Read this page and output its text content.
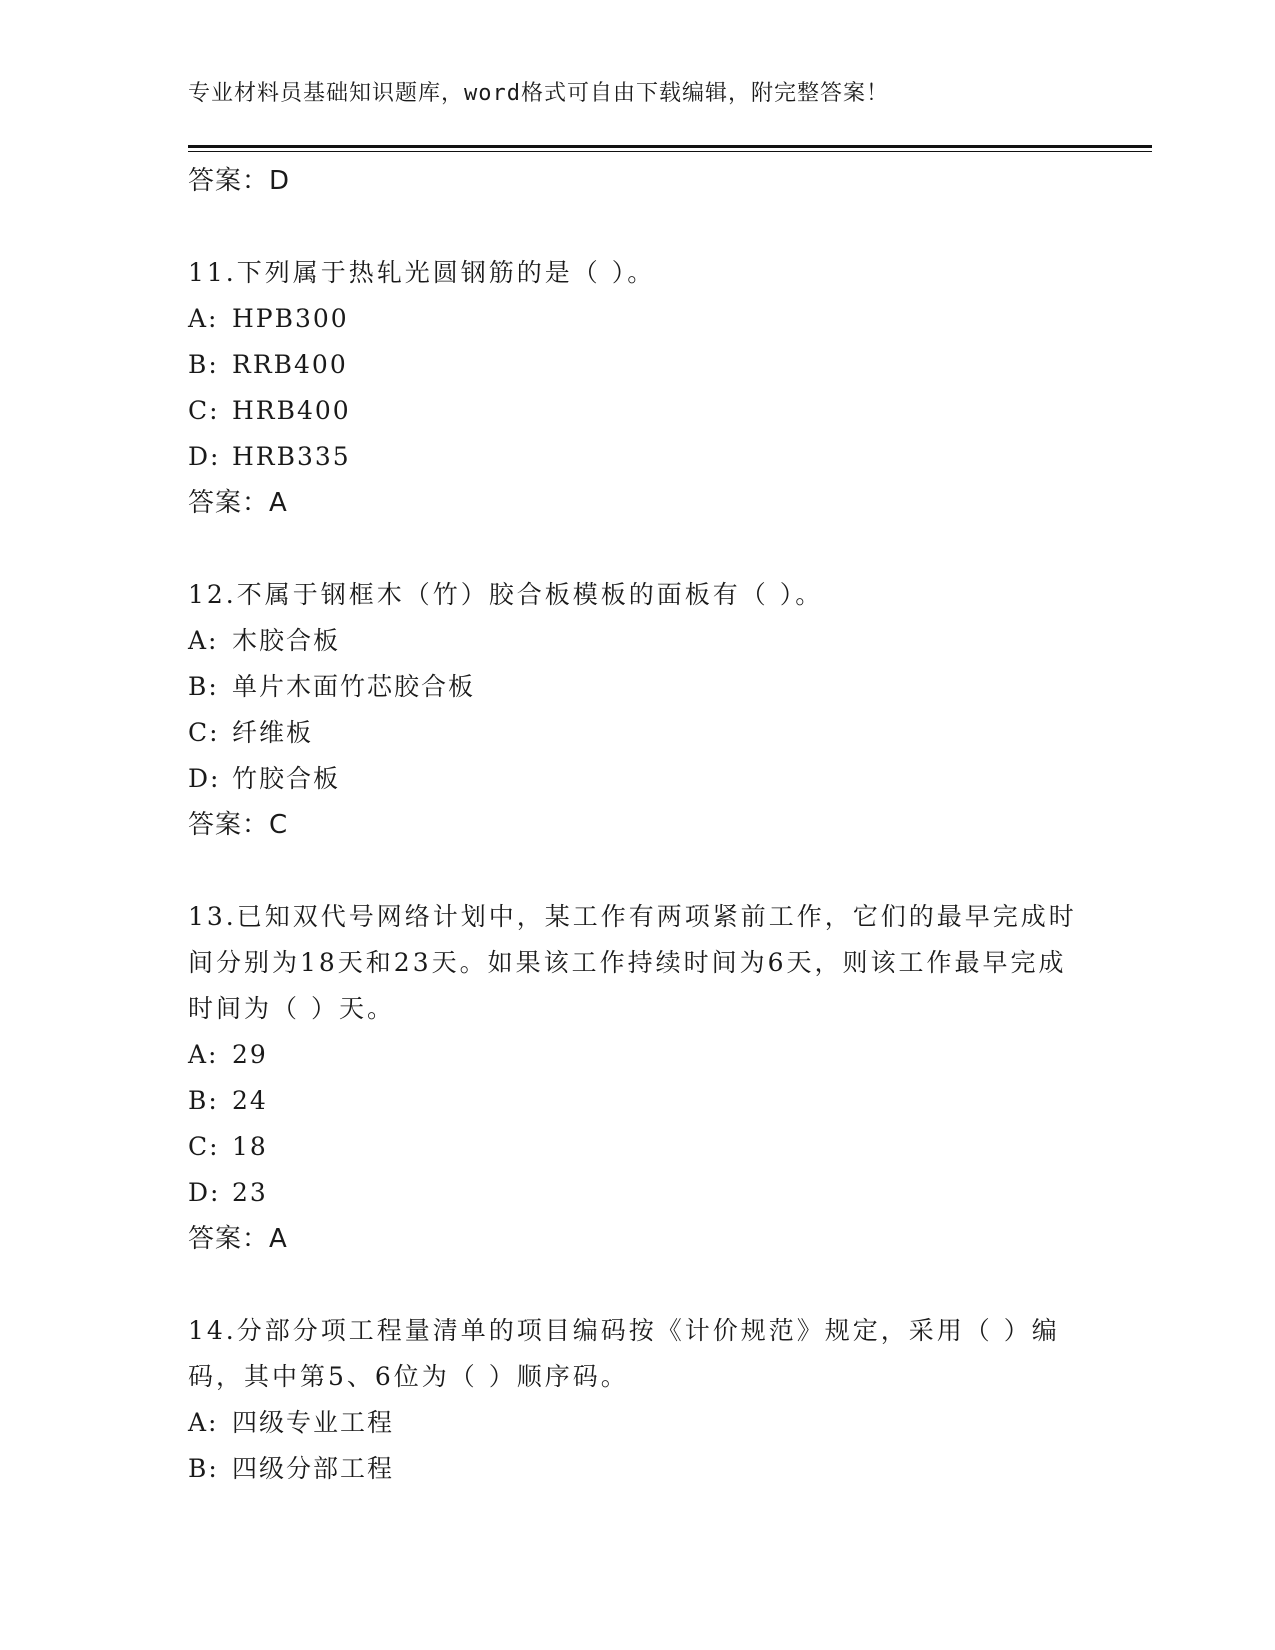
专业材料员基础知识题库，word格式可自由下载编辑，附完整答案！
答案：D

11.下列属于热轧光圆钢筋的是（ ）。

A: HPB300
B: RRB400
C: HRB400
D: HRB335
答案：A

12.不属于钢框木（竹）胶合板模板的面板有（ ）。

A: 木胶合板
B: 单片木面竹芯胶合板
C: 纤维板
D: 竹胶合板
答案：C

13.已知双代号网络计划中，某工作有两项紧前工作，它们的最早完成时间分别为18天和23天。如果该工作持续时间为6天，则该工作最早完成时间为（ ）天。

A: 29
B: 24
C: 18
D: 23
答案：A

14.分部分项工程量清单的项目编码按《计价规范》规定，采用（ ）编码，其中第5、6位为（ ）顺序码。

A: 四级专业工程
B: 四级分部工程
